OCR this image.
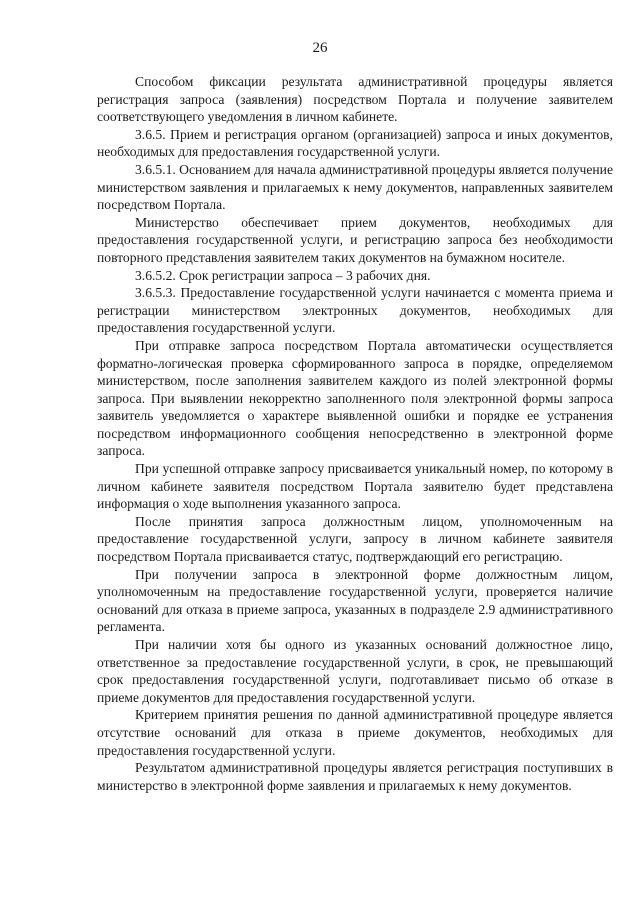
26

Способом фиксации результата административной процедуры является регистрация запроса (заявления) посредством Портала и получение заявителем соответствующего уведомления в личном кабинете.

3.6.5. Прием и регистрация органом (организацией) запроса и иных документов, необходимых для предоставления государственной услуги.

3.6.5.1. Основанием для начала административной процедуры является получение министерством заявления и прилагаемых к нему документов, направленных заявителем посредством Портала.

Министерство обеспечивает прием документов, необходимых для предоставления государственной услуги, и регистрацию запроса без необходимости повторного представления заявителем таких документов на бумажном носителе.

3.6.5.2. Срок регистрации запроса – 3 рабочих дня.

3.6.5.3. Предоставление государственной услуги начинается с момента приема и регистрации министерством электронных документов, необходимых для предоставления государственной услуги.

При отправке запроса посредством Портала автоматически осуществляется форматно-логическая проверка сформированного запроса в порядке, определяемом министерством, после заполнения заявителем каждого из полей электронной формы запроса. При выявлении некорректно заполненного поля электронной формы запроса заявитель уведомляется о характере выявленной ошибки и порядке ее устранения посредством информационного сообщения непосредственно в электронной форме запроса.

При успешной отправке запросу присваивается уникальный номер, по которому в личном кабинете заявителя посредством Портала заявителю будет представлена информация о ходе выполнения указанного запроса.

После принятия запроса должностным лицом, уполномоченным на предоставление государственной услуги, запросу в личном кабинете заявителя посредством Портала присваивается статус, подтверждающий его регистрацию.

При получении запроса в электронной форме должностным лицом, уполномоченным на предоставление государственной услуги, проверяется наличие оснований для отказа в приеме запроса, указанных в подразделе 2.9 административного регламента.

При наличии хотя бы одного из указанных оснований должностное лицо, ответственное за предоставление государственной услуги, в срок, не превышающий срок предоставления государственной услуги, подготавливает письмо об отказе в приеме документов для предоставления государственной услуги.

Критерием принятия решения по данной административной процедуре является отсутствие оснований для отказа в приеме документов, необходимых для предоставления государственной услуги.

Результатом административной процедуры является регистрация поступивших в министерство в электронной форме заявления и прилагаемых к нему документов.
